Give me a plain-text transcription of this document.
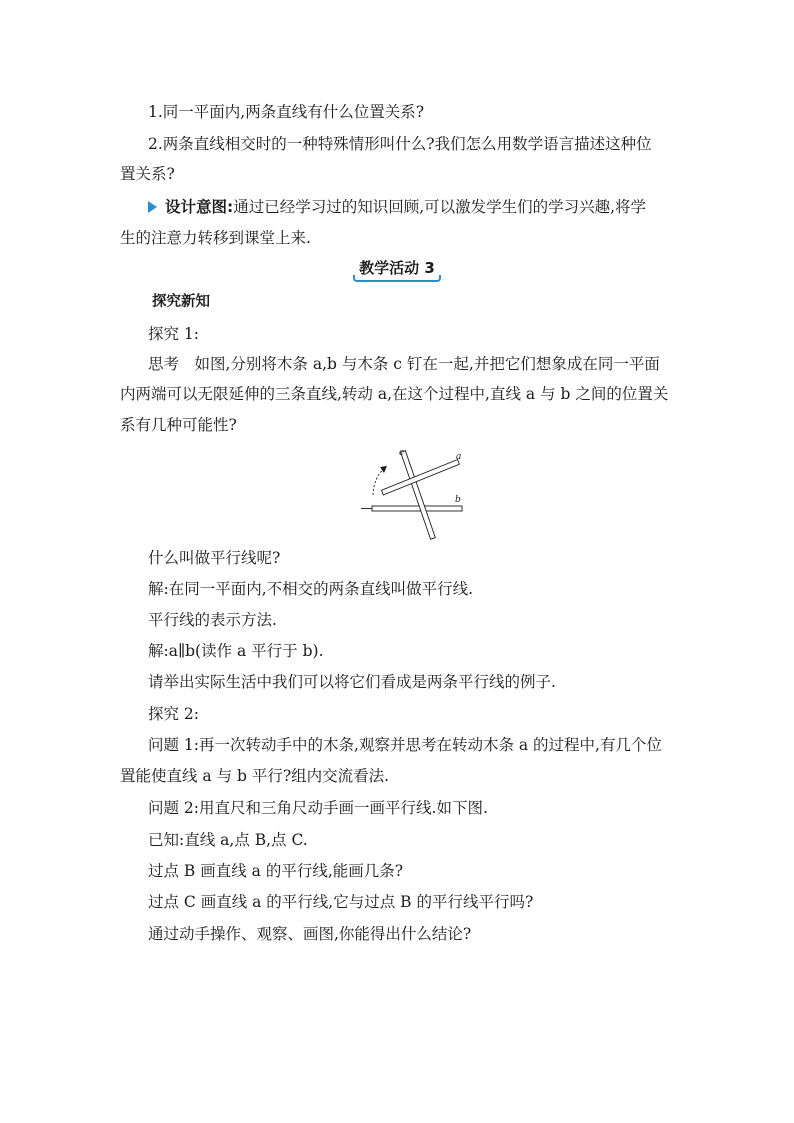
1.同一平面内,两条直线有什么位置关系?
2.两条直线相交时的一种特殊情形叫什么?我们怎么用数学语言描述这种位
置关系?
设计意图:通过已经学习过的知识回顾,可以激发学生们的学习兴趣,将学
生的注意力转移到课堂上来.
教学活动 3
探究新知
探究 1:
思考　如图,分别将木条 a,b 与木条 c 钉在一起,并把它们想象成在同一平面
内两端可以无限延伸的三条直线,转动 a,在这个过程中,直线 a 与 b 之间的位置关
系有几种可能性?
c	a
b
什么叫做平行线呢?
解:在同一平面内,不相交的两条直线叫做平行线.
平行线的表示方法.
解:a∥b(读作 a 平行于 b).
请举出实际生活中我们可以将它们看成是两条平行线的例子.
探究 2:
问题 1:再一次转动手中的木条,观察并思考在转动木条 a 的过程中,有几个位
置能使直线 a 与 b 平行?组内交流看法.
问题 2:用直尺和三角尺动手画一画平行线.如下图.
已知:直线 a,点 B,点 C.
过点 B 画直线 a 的平行线,能画几条?
过点 C 画直线 a 的平行线,它与过点 B 的平行线平行吗?
通过动手操作、观察、画图,你能得出什么结论?
